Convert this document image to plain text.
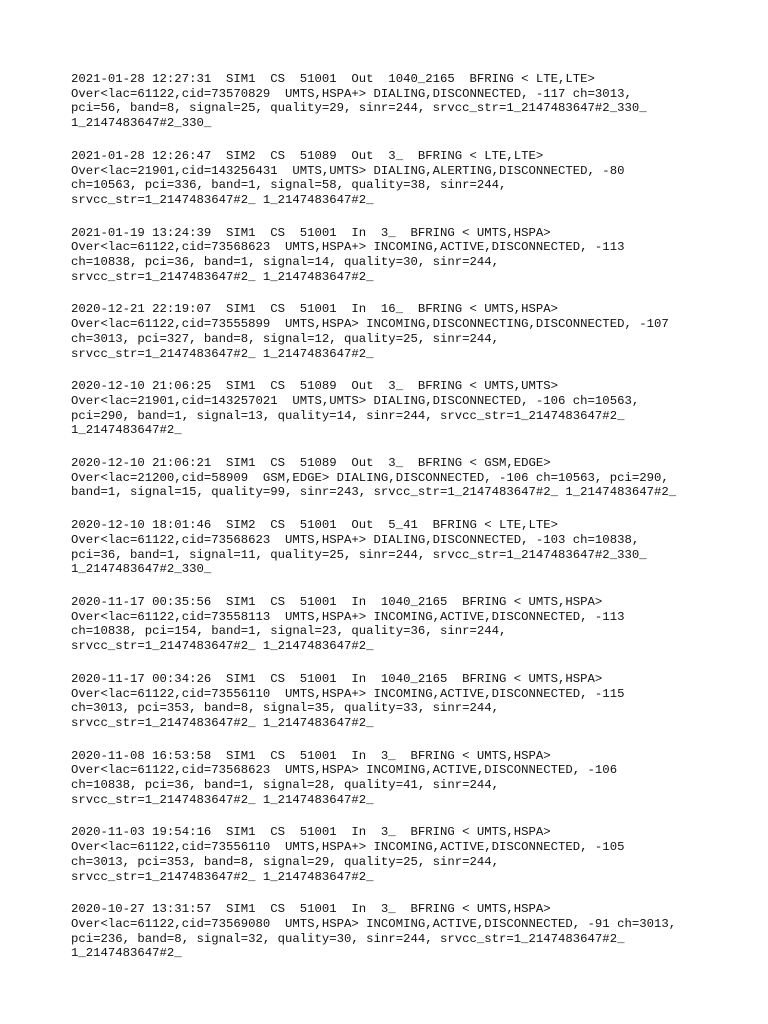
2021-01-28 12:27:31  SIM1  CS  51001  Out  1040_2165  BFRING < LTE,LTE>
Over<lac=61122,cid=73570829  UMTS,HSPA+> DIALING,DISCONNECTED, -117 ch=3013,
pci=56, band=8, signal=25, quality=29, sinr=244, srvcc_str=1_2147483647#2_330_
1_2147483647#2_330_
2021-01-28 12:26:47  SIM2  CS  51089  Out  3_  BFRING < LTE,LTE>
Over<lac=21901,cid=143256431  UMTS,UMTS> DIALING,ALERTING,DISCONNECTED, -80
ch=10563, pci=336, band=1, signal=58, quality=38, sinr=244,
srvcc_str=1_2147483647#2_ 1_2147483647#2_
2021-01-19 13:24:39  SIM1  CS  51001  In  3_  BFRING < UMTS,HSPA>
Over<lac=61122,cid=73568623  UMTS,HSPA+> INCOMING,ACTIVE,DISCONNECTED, -113
ch=10838, pci=36, band=1, signal=14, quality=30, sinr=244,
srvcc_str=1_2147483647#2_ 1_2147483647#2_
2020-12-21 22:19:07  SIM1  CS  51001  In  16_  BFRING < UMTS,HSPA>
Over<lac=61122,cid=73555899  UMTS,HSPA> INCOMING,DISCONNECTING,DISCONNECTED, -107
ch=3013, pci=327, band=8, signal=12, quality=25, sinr=244,
srvcc_str=1_2147483647#2_ 1_2147483647#2_
2020-12-10 21:06:25  SIM1  CS  51089  Out  3_  BFRING < UMTS,UMTS>
Over<lac=21901,cid=143257021  UMTS,UMTS> DIALING,DISCONNECTED, -106 ch=10563,
pci=290, band=1, signal=13, quality=14, sinr=244, srvcc_str=1_2147483647#2_
1_2147483647#2_
2020-12-10 21:06:21  SIM1  CS  51089  Out  3_  BFRING < GSM,EDGE>
Over<lac=21200,cid=58909  GSM,EDGE> DIALING,DISCONNECTED, -106 ch=10563, pci=290,
band=1, signal=15, quality=99, sinr=243, srvcc_str=1_2147483647#2_ 1_2147483647#2_
2020-12-10 18:01:46  SIM2  CS  51001  Out  5_41  BFRING < LTE,LTE>
Over<lac=61122,cid=73568623  UMTS,HSPA+> DIALING,DISCONNECTED, -103 ch=10838,
pci=36, band=1, signal=11, quality=25, sinr=244, srvcc_str=1_2147483647#2_330_
1_2147483647#2_330_
2020-11-17 00:35:56  SIM1  CS  51001  In  1040_2165  BFRING < UMTS,HSPA>
Over<lac=61122,cid=73558113  UMTS,HSPA+> INCOMING,ACTIVE,DISCONNECTED, -113
ch=10838, pci=154, band=1, signal=23, quality=36, sinr=244,
srvcc_str=1_2147483647#2_ 1_2147483647#2_
2020-11-17 00:34:26  SIM1  CS  51001  In  1040_2165  BFRING < UMTS,HSPA>
Over<lac=61122,cid=73556110  UMTS,HSPA+> INCOMING,ACTIVE,DISCONNECTED, -115
ch=3013, pci=353, band=8, signal=35, quality=33, sinr=244,
srvcc_str=1_2147483647#2_ 1_2147483647#2_
2020-11-08 16:53:58  SIM1  CS  51001  In  3_  BFRING < UMTS,HSPA>
Over<lac=61122,cid=73568623  UMTS,HSPA> INCOMING,ACTIVE,DISCONNECTED, -106
ch=10838, pci=36, band=1, signal=28, quality=41, sinr=244,
srvcc_str=1_2147483647#2_ 1_2147483647#2_
2020-11-03 19:54:16  SIM1  CS  51001  In  3_  BFRING < UMTS,HSPA>
Over<lac=61122,cid=73556110  UMTS,HSPA+> INCOMING,ACTIVE,DISCONNECTED, -105
ch=3013, pci=353, band=8, signal=29, quality=25, sinr=244,
srvcc_str=1_2147483647#2_ 1_2147483647#2_
2020-10-27 13:31:57  SIM1  CS  51001  In  3_  BFRING < UMTS,HSPA>
Over<lac=61122,cid=73569080  UMTS,HSPA> INCOMING,ACTIVE,DISCONNECTED, -91 ch=3013,
pci=236, band=8, signal=32, quality=30, sinr=244, srvcc_str=1_2147483647#2_
1_2147483647#2_
